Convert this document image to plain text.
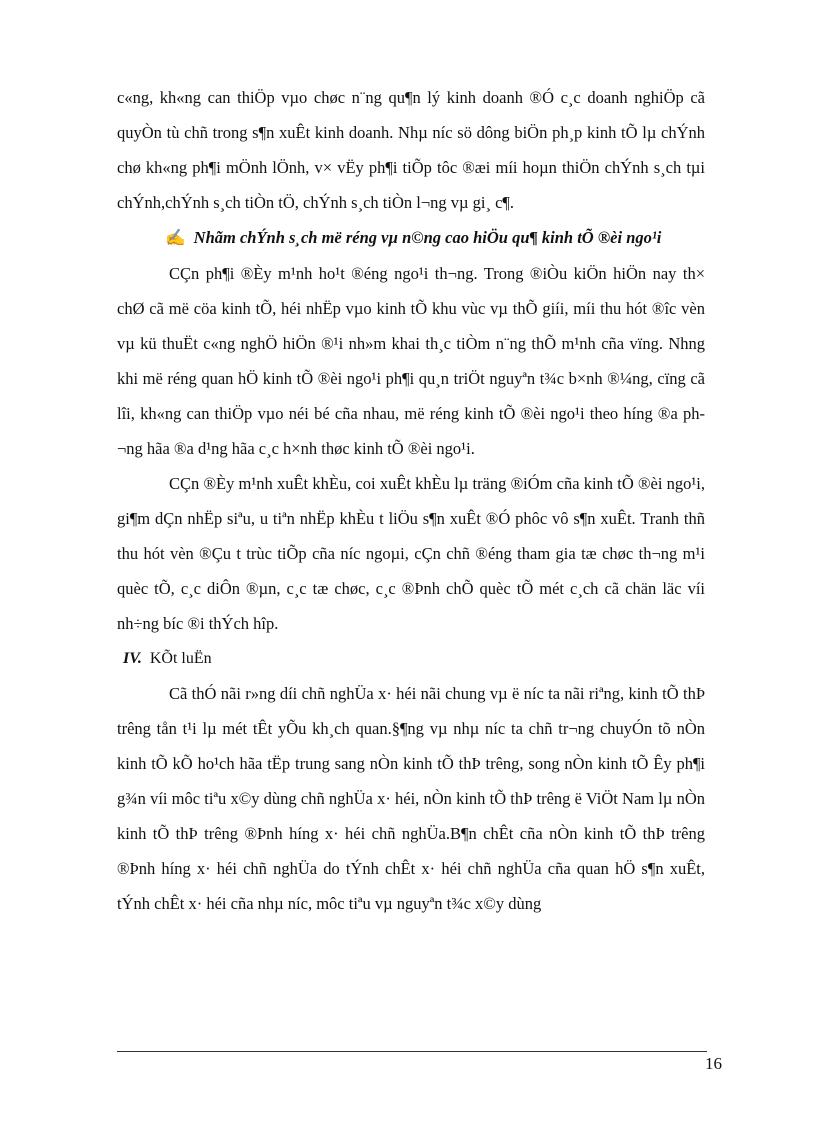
c«ng, kh«ng can thiÖp vµo chøc n¨ng qu¶n lý kinh doanh ®Ó c¸c doanh nghiÖp cã quyÒn tù chñ trong s¶n xuÊt kinh doanh. Nhµ níc sö dông biÖn ph¸p kinh tÕ lµ chÝnh chø kh«ng ph¶i mÖnh lÖnh, v× vËy ph¶i tiÕp tôc ®æi míi hoµn thiÖn chÝnh s¸ch tµi chÝnh,chÝnh s¸ch tiÒn tÖ, chÝnh s¸ch tiÒn l¬ng vµ gi¸ c¶.

✍ Nhãm chÝnh s¸ch më réng vµ n©ng cao hiÖu qu¶ kinh tÕ ®èi ngo¹i

CÇn ph¶i ®Èy m¹nh ho¹t ®éng ngo¹i th¬ng. Trong ®iÒu kiÖn hiÖn nay th× chØ cã më cöa kinh tÕ, héi nhËp vµo kinh tÕ khu vùc vµ thÕ giíi, míi thu hót ®îc vèn vµ kü thuËt c«ng nghÖ hiÖn ®¹i nh»m khai th¸c tiÒm n¨ng thÕ m¹nh cña vïng. Nhng khi më réng quan hÖ kinh tÕ ®èi ngo¹i ph¶i qu¸n triÖt nguyªn t¾c b×nh ®¼ng, cïng cã lîi, kh«ng can thiÖp vµo néi bé cña nhau, më réng kinh tÕ ®èi ngo¹i theo híng ®a ph¬ng hãa ®a d¹ng hãa c¸c h×nh thøc kinh tÕ ®èi ngo¹i.

CÇn ®Èy m¹nh xuÊt khÈu, coi xuÊt khÈu lµ träng ®iÓm cña kinh tÕ ®èi ngo¹i, gi¶m dÇn nhËp siªu, u tiªn nhËp khÈu t liÖu s¶n xuÊt ®Ó phôc vô s¶n xuÊt. Tranh thñ thu hót vèn ®Çu t trùc tiÕp cña níc ngoµi, cÇn chñ ®éng tham gia tæ chøc th¬ng m¹i quèc tÕ, c¸c diÔn ®µn, c¸c tæ chøc, c¸c ®Þnh chÕ quèc tÕ mét c¸ch cã chän läc víi nh÷ng bíc ®i thÝch hîp.

IV. KÕt luËn

Cã thÓ nãi r»ng díi chñ nghÜa x· héi nãi chung vµ ë níc ta nãi riªng, kinh tÕ thÞ trêng tån t¹i lµ mét tÊt yÕu kh¸ch quan.§¶ng vµ nhµ níc ta chñ tr¬ng chuyÓn tõ nÒn kinh tÕ kÕ ho¹ch hãa tËp trung sang nÒn kinh tÕ thÞ trêng, song nÒn kinh tÕ Êy ph¶i g¾n víi môc tiªu x©y dùng chñ nghÜa x· héi, nÒn kinh tÕ thÞ trêng ë ViÖt Nam lµ nÒn kinh tÕ thÞ trêng ®Þnh híng x· héi chñ nghÜa.B¶n chÊt cña nÒn kinh tÕ thÞ trêng ®Þnh híng x· héi chñ nghÜa do tÝnh chÊt x· héi chñ nghÜa cña quan hÖ s¶n xuÊt, tÝnh chÊt x· héi cña nhµ níc, môc tiªu vµ nguyªn t¾c x©y dùng

16
